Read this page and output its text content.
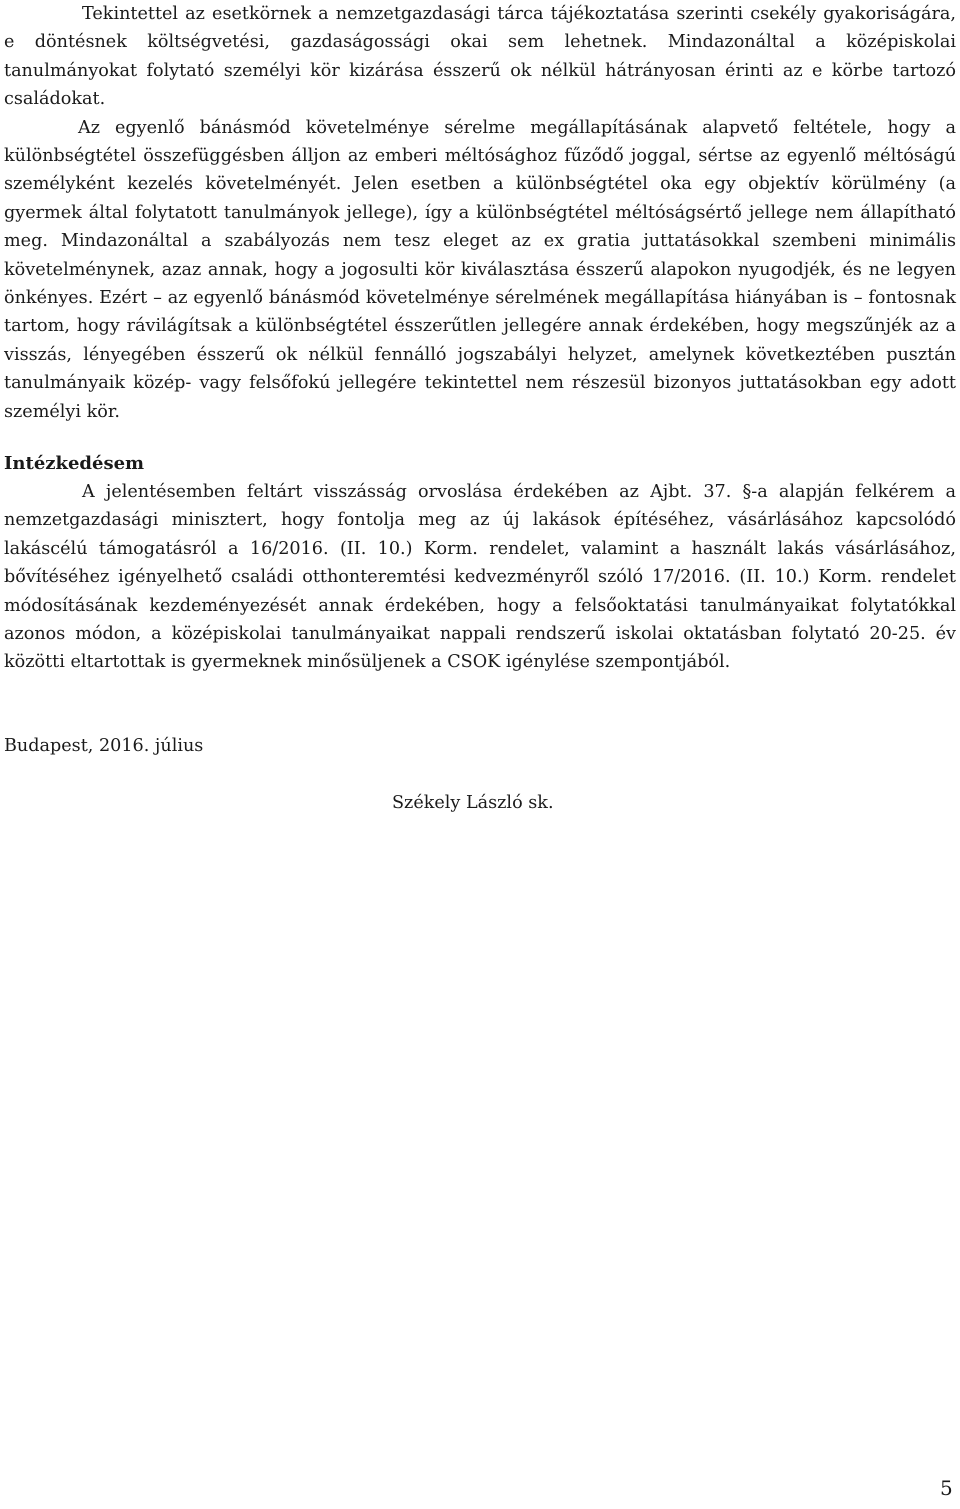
Tekintettel az esetkörnek a nemzetgazdasági tárca tájékoztatása szerinti csekély gyakoriságára, e döntésnek költségvetési, gazdaságossági okai sem lehetnek. Mindazonáltal a középiskolai tanulmányokat folytató személyi kör kizárása ésszerű ok nélkül hátrányosan érinti az e körbe tartozó családokat.

Az egyenlő bánásmód követelménye sérelme megállapításának alapvető feltétele, hogy a különbségtétel összefüggésben álljon az emberi méltósághoz fűződő joggal, sértse az egyenlő méltóságú személyként kezelés követelményét. Jelen esetben a különbségtétel oka egy objektív körülmény (a gyermek által folytatott tanulmányok jellege), így a különbségtétel méltóságsértő jellege nem állapítható meg. Mindazonáltal a szabályozás nem tesz eleget az ex gratia juttatásokkal szembeni minimális követelménynek, azaz annak, hogy a jogosulti kör kiválasztása ésszerű alapokon nyugodjék, és ne legyen önkényes. Ezért – az egyenlő bánásmód követelménye sérelmének megállapítása hiányában is – fontosnak tartom, hogy rávilágítsak a különbségtétel ésszerűtlen jellegére annak érdekében, hogy megszűnjék az a visszás, lényegében ésszerű ok nélkül fennálló jogszabályi helyzet, amelynek következtében pusztán tanulmányaik közép- vagy felsőfokú jellegére tekintettel nem részesül bizonyos juttatásokban egy adott személyi kör.

Intézkedésem

A jelentésemben feltárt visszásság orvoslása érdekében az Ajbt. 37. §-a alapján felkérem a nemzetgazdasági minisztert, hogy fontolja meg az új lakások építéséhez, vásárlásához kapcsolódó lakáscélú támogatásról a 16/2016. (II. 10.) Korm. rendelet, valamint a használt lakás vásárlásához, bővítéséhez igényelhető családi otthonteremtési kedvezményről szóló 17/2016. (II. 10.) Korm. rendelet módosításának kezdeményezését annak érdekében, hogy a felsőoktatási tanulmányaikat folytatókkal azonos módon, a középiskolai tanulmányaikat nappali rendszerű iskolai oktatásban folytató 20-25. év közötti eltartottak is gyermeknek minősüljenek a CSOK igénylése szempontjából.

Budapest, 2016. július

Székely László sk.

5
